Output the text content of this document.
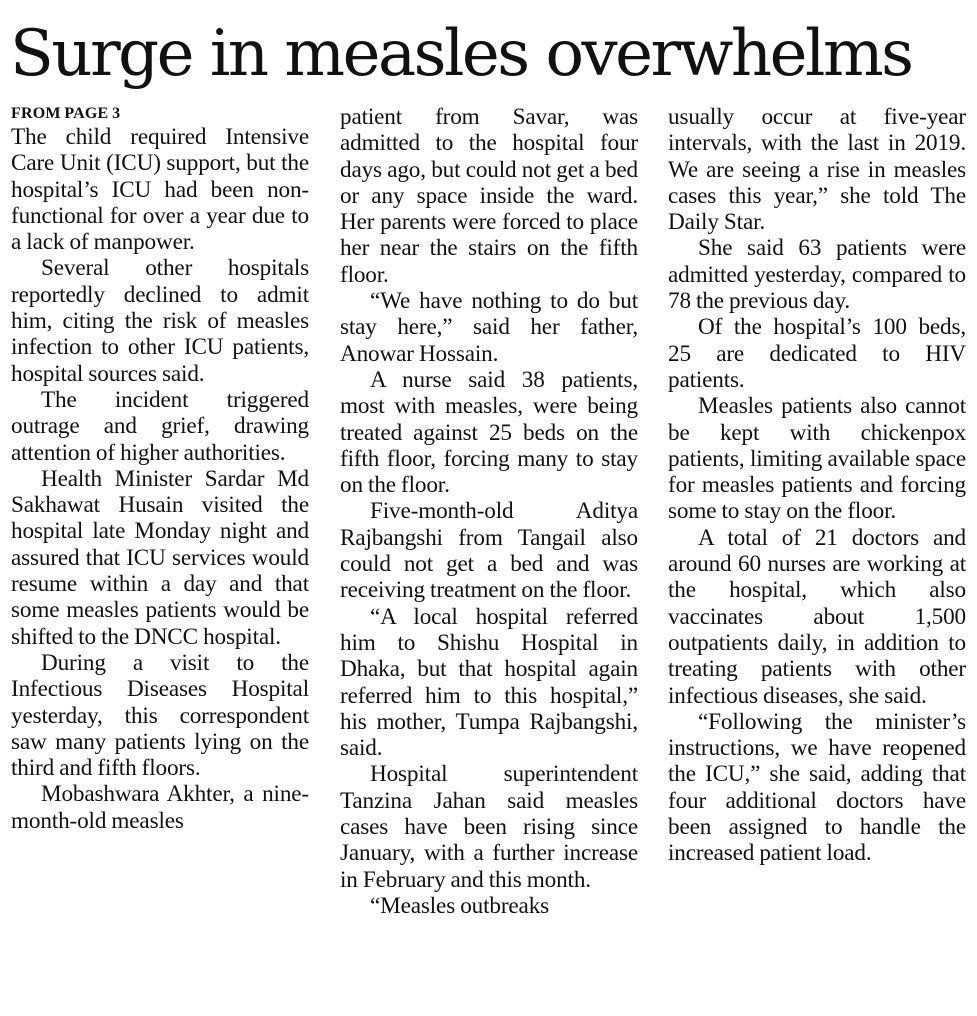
Surge in measles overwhelms
FROM PAGE 3

The child required Intensive Care Unit (ICU) support, but the hospital’s ICU had been non-functional for over a year due to a lack of manpower.

Several other hospitals reportedly declined to admit him, citing the risk of measles infection to other ICU patients, hospital sources said.

The incident triggered outrage and grief, drawing attention of higher authorities.

Health Minister Sardar Md Sakhawat Husain visited the hospital late Monday night and assured that ICU services would resume within a day and that some measles patients would be shifted to the DNCC hospital.

During a visit to the Infectious Diseases Hospital yesterday, this correspondent saw many patients lying on the third and fifth floors.

Mobashwara Akhter, a nine-month-old measles

patient from Savar, was admitted to the hospital four days ago, but could not get a bed or any space inside the ward. Her parents were forced to place her near the stairs on the fifth floor.

“We have nothing to do but stay here,” said her father, Anowar Hossain.

A nurse said 38 patients, most with measles, were being treated against 25 beds on the fifth floor, forcing many to stay on the floor.

Five-month-old Aditya Rajbangshi from Tangail also could not get a bed and was receiving treatment on the floor.

“A local hospital referred him to Shishu Hospital in Dhaka, but that hospital again referred him to this hospital,” his mother, Tumpa Rajbangshi, said.

Hospital superintendent Tanzina Jahan said measles cases have been rising since January, with a further increase in February and this month.

“Measles outbreaks

usually occur at five-year intervals, with the last in 2019. We are seeing a rise in measles cases this year,” she told The Daily Star.

She said 63 patients were admitted yesterday, compared to 78 the previous day.

Of the hospital’s 100 beds, 25 are dedicated to HIV patients.

Measles patients also cannot be kept with chickenpox patients, limiting available space for measles patients and forcing some to stay on the floor.

A total of 21 doctors and around 60 nurses are working at the hospital, which also vaccinates about 1,500 outpatients daily, in addition to treating patients with other infectious diseases, she said.

“Following the minister’s instructions, we have reopened the ICU,” she said, adding that four additional doctors have been assigned to handle the increased patient load.
